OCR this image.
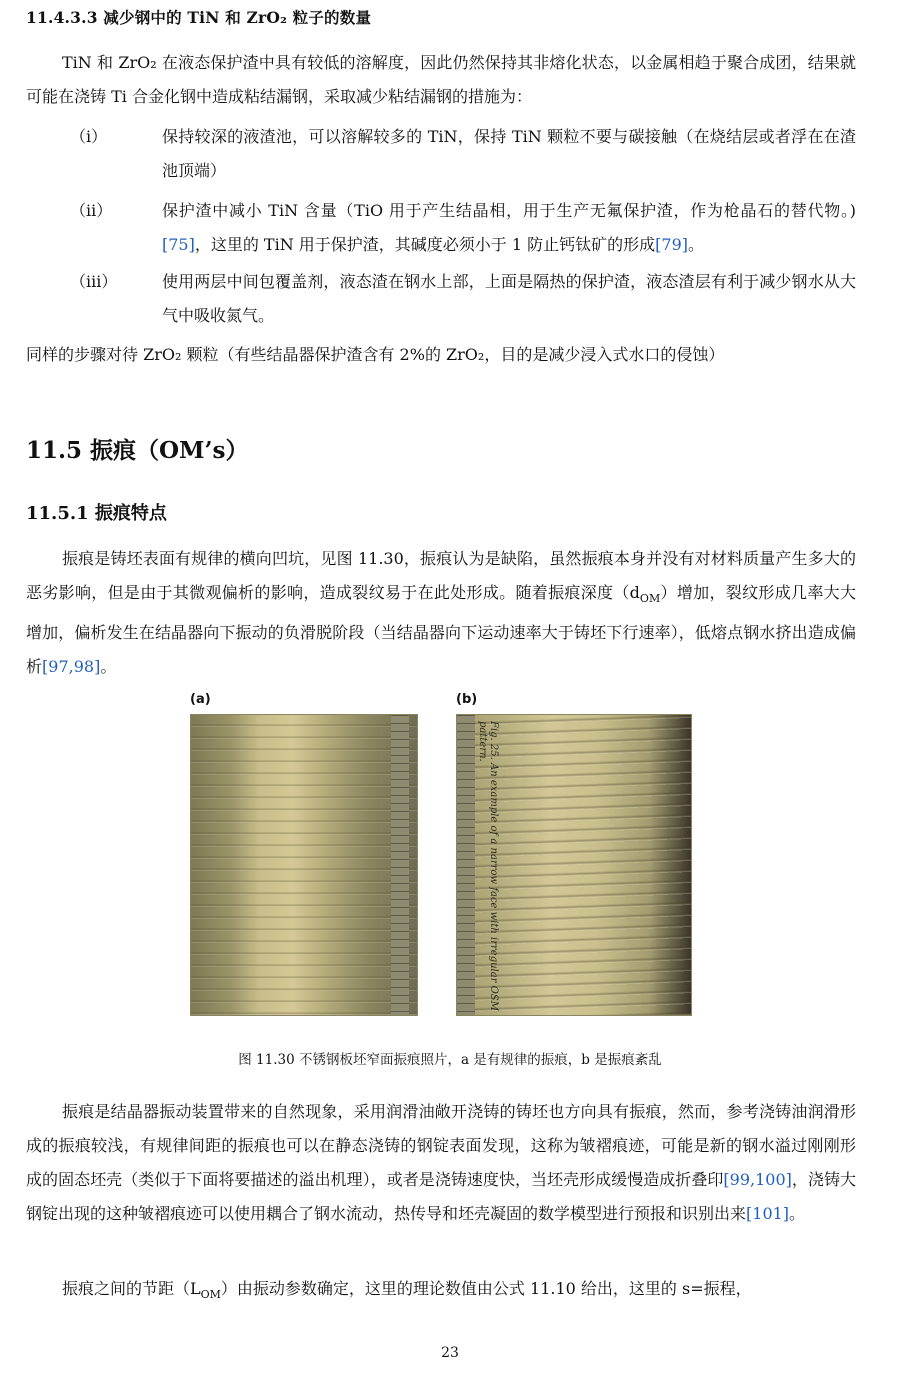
11.4.3.3 减少钢中的 TiN 和 ZrO₂ 粒子的数量
TiN 和 ZrO₂ 在液态保护渣中具有较低的溶解度，因此仍然保持其非熔化状态，以金属相趋于聚合成团，结果就可能在浇铸 Ti 合金化钢中造成粘结漏钢，采取减少粘结漏钢的措施为：
（i）	保持较深的液渣池，可以溶解较多的 TiN，保持 TiN 颗粒不要与碳接触（在烧结层或者浮在在渣池顶端）
（ii）	保护渣中减小 TiN 含量（TiO 用于产生结晶相，用于生产无氟保护渣，作为枪晶石的替代物。)[75]，这里的 TiN 用于保护渣，其碱度必须小于 1 防止钙钛矿的形成[79]。
（iii）	使用两层中间包覆盖剂，液态渣在钢水上部，上面是隔热的保护渣，液态渣层有利于减少钢水从大气中吸收氮气。
同样的步骤对待 ZrO₂ 颗粒（有些结晶器保护渣含有 2%的 ZrO₂，目的是减少浸入式水口的侵蚀）
11.5 振痕（OM’s）
11.5.1 振痕特点
振痕是铸坯表面有规律的横向凹坑，见图 11.30，振痕认为是缺陷，虽然振痕本身并没有对材料质量产生多大的恶劣影响，但是由于其微观偏析的影响，造成裂纹易于在此处形成。随着振痕深度$(d_{OM})$增加，裂纹形成几率大大增加，偏析发生在结晶器向下振动的负滑脱阶段（当结晶器向下运动速率大于铸坯下行速率），低熔点钢水挤出造成偏析[97,98]。
(a)	(b)
Fig. 25. An example of a narrow face with irregular OSM pattern.
图 11.30 不锈钢板坯窄面振痕照片，a 是有规律的振痕，b 是振痕紊乱
振痕是结晶器振动装置带来的自然现象，采用润滑油敞开浇铸的铸坯也方向具有振痕，然而，参考浇铸油润滑形成的振痕较浅，有规律间距的振痕也可以在静态浇铸的钢锭表面发现，这称为皱褶痕迹，可能是新的钢水溢过刚刚形成的固态坯壳（类似于下面将要描述的溢出机理），或者是浇铸速度快，当坯壳形成缓慢造成折叠印[99,100]，浇铸大钢锭出现的这种皱褶痕迹可以使用耦合了钢水流动，热传导和坯壳凝固的数学模型进行预报和识别出来[101]。
振痕之间的节距$(L_{OM})$由振动参数确定，这里的理论数值由公式 11.10 给出，这里的 s=振程，
23
